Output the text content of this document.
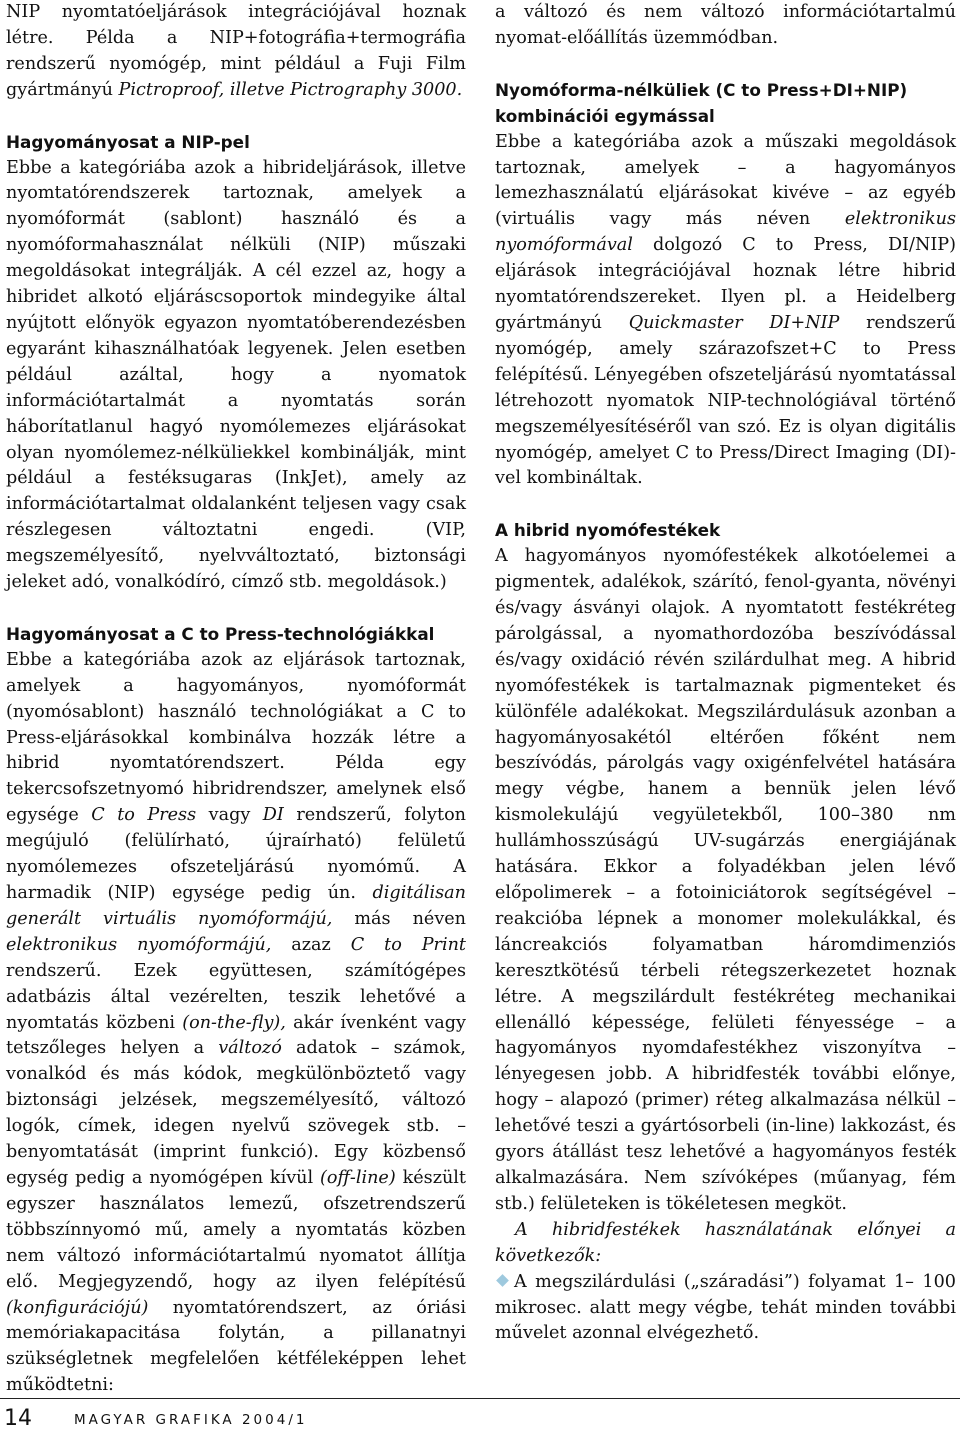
NIP nyomtatóeljárások integrációjával hoznak létre. Példa a NIP+fotográfia+termográfia rendszerű nyomógép, mint például a Fuji Film gyártmányú Pictroproof, illetve Pictrography 3000.

Hagyományosat a NIP-pel

Ebbe a kategóriába azok a hibrideljárások, illetve nyomtatórendszerek tartoznak, amelyek a nyomóformát (sablont) használó és a nyomóformahasználat nélküli (NIP) műszaki megoldásokat integrálják. A cél ezzel az, hogy a hibridet alkotó eljáráscsoportok mindegyike által nyújtott előnyök egyazon nyomtatóberendezésben egyaránt kihasználhatóak legyenek. Jelen esetben például azáltal, hogy a nyomatok információtartalmát a nyomtatás során háborítatlanul hagyó nyomólemezes eljárásokat olyan nyomólemez-nélküliekkel kombinálják, mint például a festéksugaras (InkJet), amely az információtartalmat oldalanként teljesen vagy csak részlegesen változtatni engedi. (VIP, megszemélyesítő, nyelvváltoztató, biztonsági jeleket adó, vonalkódíró, címző stb. megoldások.)

Hagyományosat a C to Press-technológiákkal

Ebbe a kategóriába azok az eljárások tartoznak, amelyek a hagyományos, nyomóformát (nyomósablont) használó technológiákat a C to Press-eljárásokkal kombinálva hozzák létre a hibrid nyomtatórendszert. Példa egy tekercsofszetnyomó hibridrendszer, amelynek első egysége C to Press vagy DI rendszerű, folyton megújuló (felülírható, újraírható) felületű nyomólemezes ofszeteljárású nyomómű. A harmadik (NIP) egysége pedig ún. digitálisan generált virtuális nyomóformájú, más néven elektronikus nyomóformájú, azaz C to Print rendszerű. Ezek együttesen, számítógépes adatbázis által vezérelten, teszik lehetővé a nyomtatás közbeni (on-the-fly), akár ívenként vagy tetszőleges helyen a változó adatok – számok, vonalkód és más kódok, megkülönböztető vagy biztonsági jelzések, megszemélyesítő, változó logók, címek, idegen nyelvű szövegek stb. – benyomtatását (imprint funkció). Egy közbenső egység pedig a nyomógépen kívül (off-line) készült egyszer használatos lemezű, ofszetrendszerű többszínnyomó mű, amely a nyomtatás közben nem változó információtartalmú nyomatot állítja elő. Megjegyzendő, hogy az ilyen felépítésű (konfigurációjú) nyomtatórendszert, az óriási memóriakapacitása folytán, a pillanatnyi szükségletnek megfelelően kétféleképpen lehet működtetni:

a változó és nem változó információtartalmú nyomat-előállítás üzemmódban.

Nyomóforma-nélküliek (C to Press+DI+NIP) kombinációi egymással

Ebbe a kategóriába azok a műszaki megoldások tartoznak, amelyek – a hagyományos lemezhasználatú eljárásokat kivéve – az egyéb (virtuális vagy más néven elektronikus nyomóformával dolgozó C to Press, DI/NIP) eljárások integrációjával hoznak létre hibrid nyomtatórendszereket. Ilyen pl. a Heidelberg gyártmányú Quickmaster DI+NIP rendszerű nyomógép, amely szárazofszet+C to Press felépítésű. Lényegében ofszeteljárású nyomtatással létrehozott nyomatok NIP-technológiával történő megszemélyesítéséről van szó. Ez is olyan digitális nyomógép, amelyet C to Press/Direct Imaging (DI)-vel kombináltak.

A hibrid nyomófestékek

A hagyományos nyomófestékek alkotóelemei a pigmentek, adalékok, szárító, fenol-gyanta, növényi és/vagy ásványi olajok. A nyomtatott festékréteg párolgással, a nyomathordozóba beszívódással és/vagy oxidáció révén szilárdulhat meg. A hibrid nyomófestékek is tartalmaznak pigmenteket és különféle adalékokat. Megszilárdulásuk azonban a hagyományosakétól eltérően főként nem beszívódás, párolgás vagy oxigénfelvétel hatására megy végbe, hanem a bennük jelen lévő kismolekulájú vegyületekből, 100–380 nm hullámhosszúságú UV-sugárzás energiájának hatására. Ekkor a folyadékban jelen lévő előpolimerek – a fotoiniciátorok segítségével – reakcióba lépnek a monomer molekulákkal, és láncreakciós folyamatban háromdimenziós keresztkötésű térbeli rétegszerkezetet hoznak létre. A megszilárdult festékréteg mechanikai ellenálló képessége, felületi fényessége – a hagyományos nyomdafestékhez viszonyítva – lényegesen jobb. A hibridfesték további előnye, hogy – alapozó (primer) réteg alkalmazása nélkül – lehetővé teszi a gyártósorbeli (in-line) lakkozást, és gyors átállást tesz lehetővé a hagyományos festék alkalmazására. Nem szívóképes (műanyag, fém stb.) felületeken is tökéletesen megköt.

A hibridfestékek használatának előnyei a következők:

A megszilárdulási („száradási”) folyamat 1– 100 mikrosec. alatt megy végbe, tehát minden további művelet azonnal elvégezhető.

14	MAGYAR GRAFIKA 2004/1
